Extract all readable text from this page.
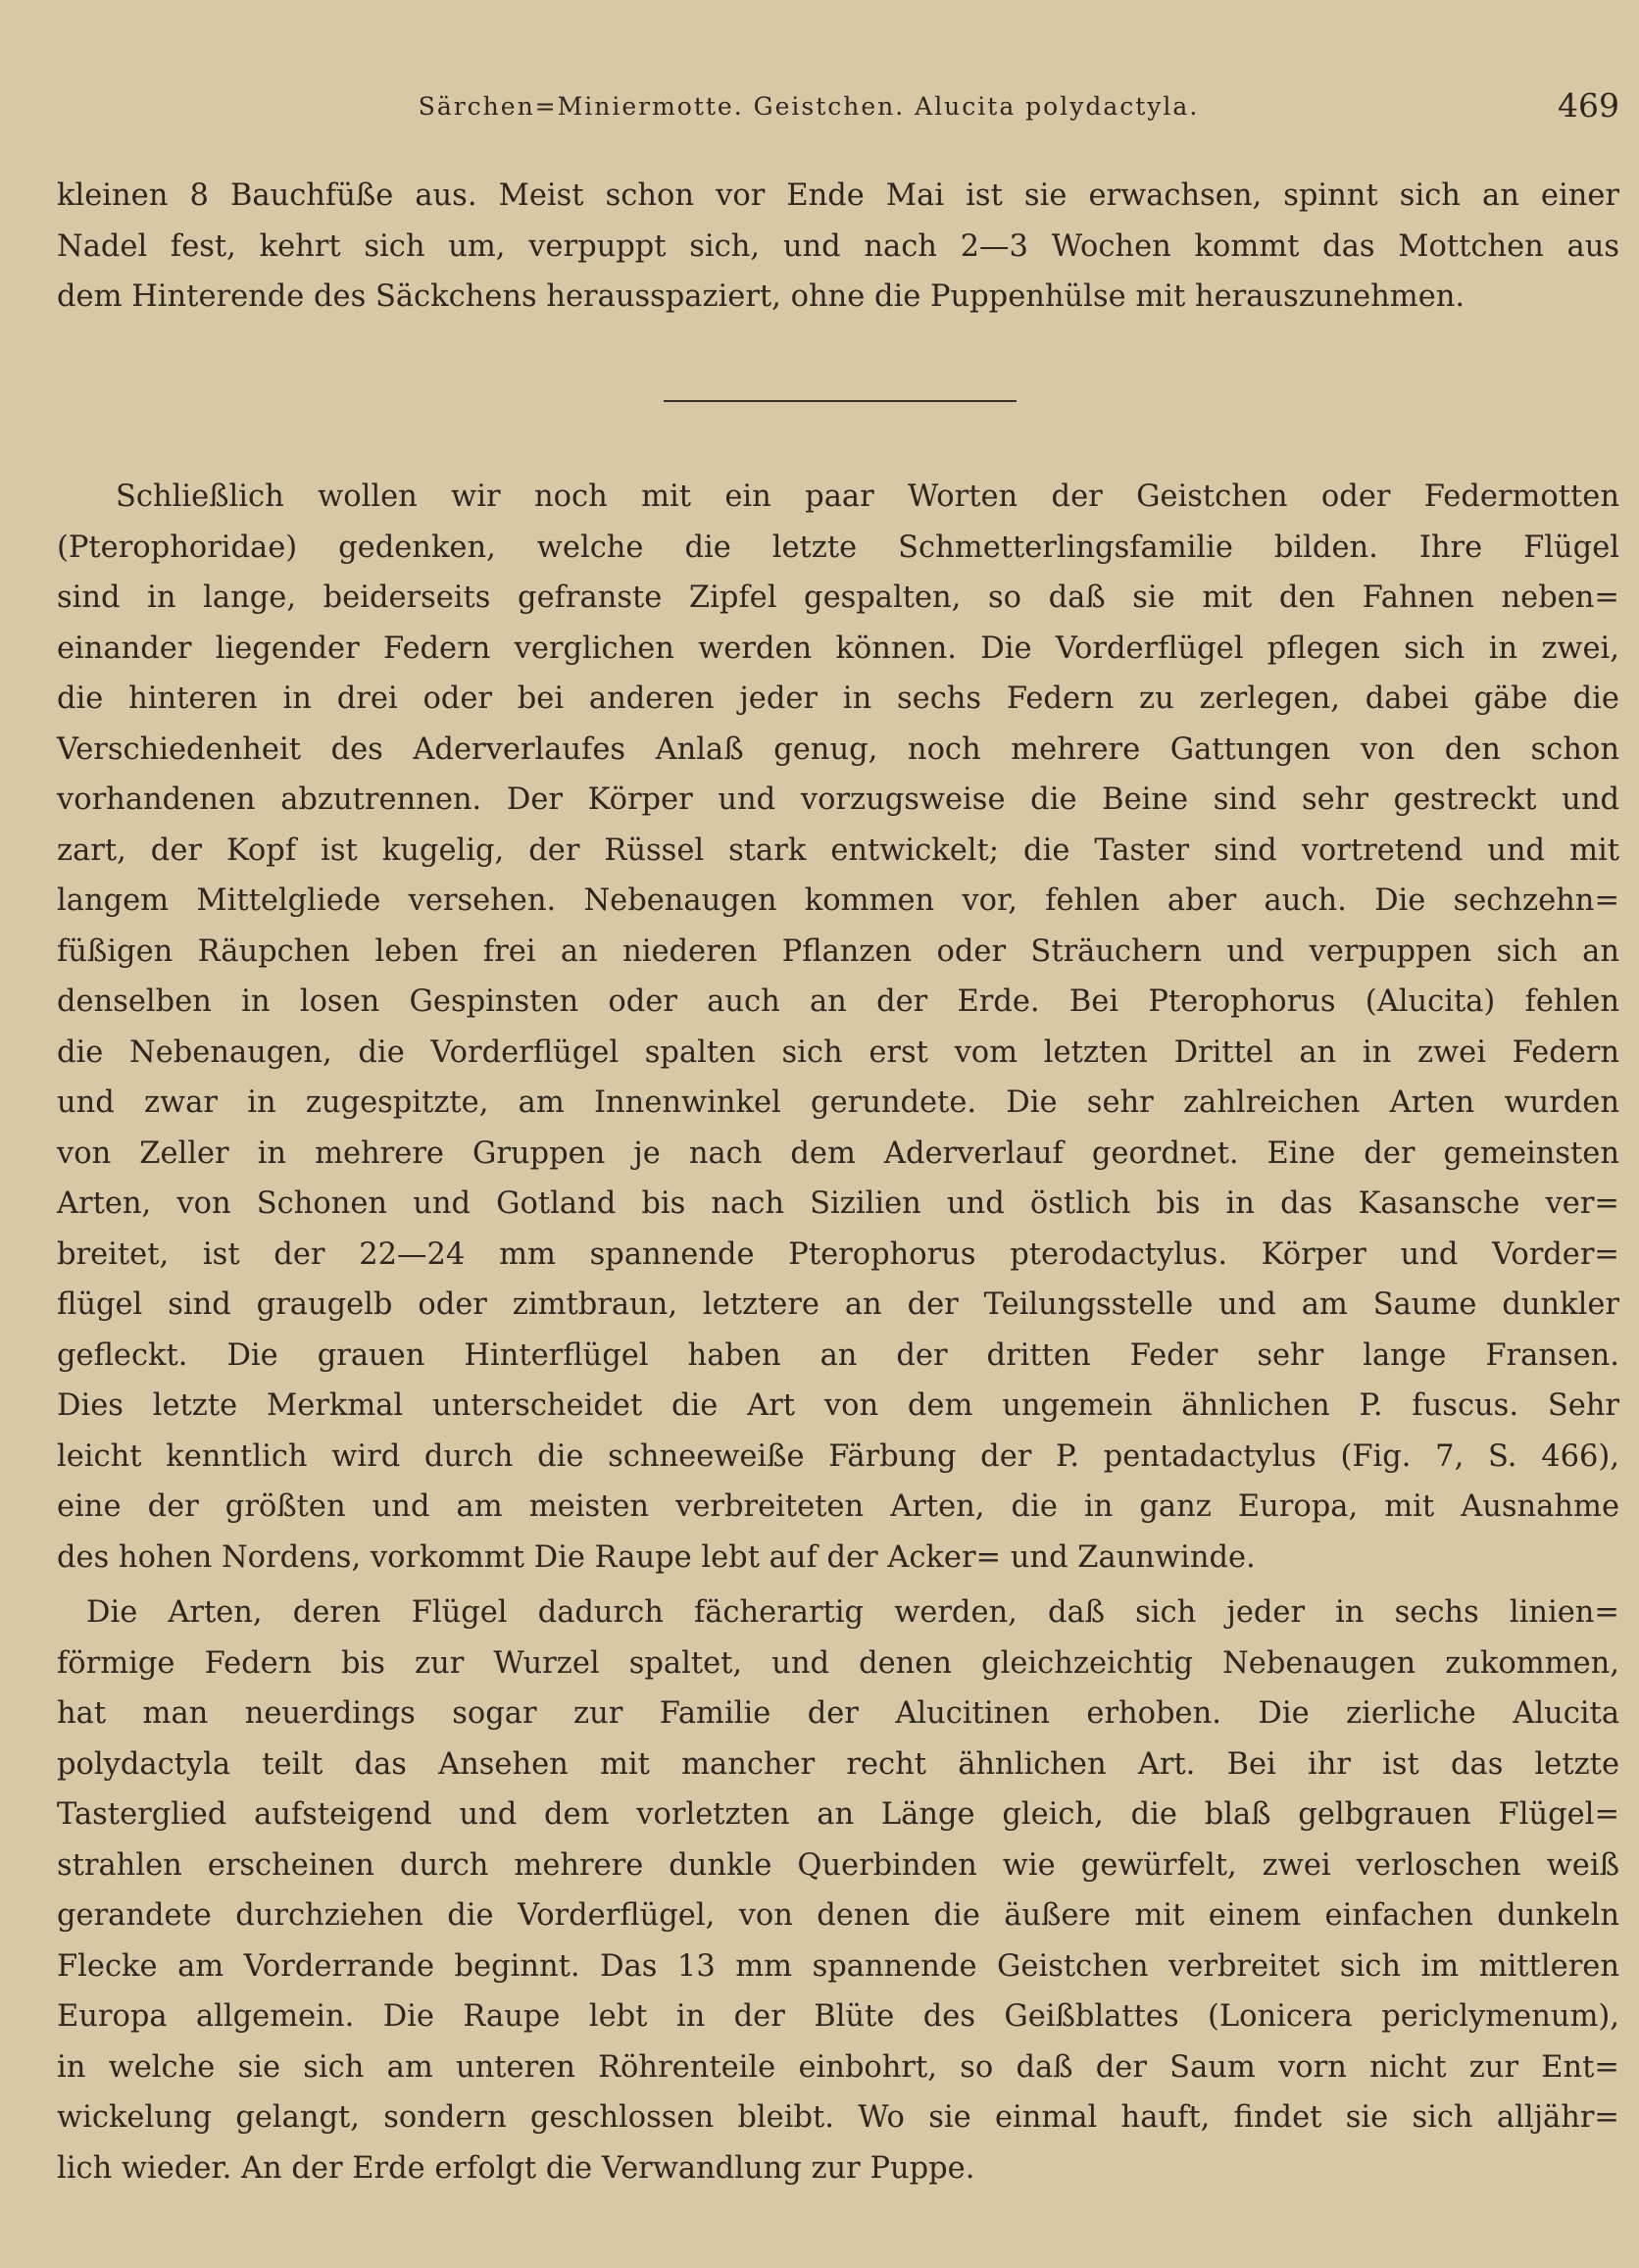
Särchen=Miniermotte. Geistchen. Alucita polydactyla.	469
kleinen 8 Bauchfüße aus. Meist schon vor Ende Mai ist sie erwachsen, spinnt sich an einer
Nadel fest, kehrt sich um, verpuppt sich, und nach 2—3 Wochen kommt das Mottchen aus
dem Hinterende des Säckchens herausspaziert, ohne die Puppenhülse mit herauszunehmen.
Schließlich wollen wir noch mit ein paar Worten der Geistchen oder Federmotten
(Pterophoridae) gedenken, welche die letzte Schmetterlingsfamilie bilden. Ihre Flügel
sind in lange, beiderseits gefranste Zipfel gespalten, so daß sie mit den Fahnen neben=
einander liegender Federn verglichen werden können. Die Vorderflügel pflegen sich in zwei,
die hinteren in drei oder bei anderen jeder in sechs Federn zu zerlegen, dabei gäbe die
Verschiedenheit des Aderverlaufes Anlaß genug, noch mehrere Gattungen von den schon
vorhandenen abzutrennen. Der Körper und vorzugsweise die Beine sind sehr gestreckt und
zart, der Kopf ist kugelig, der Rüssel stark entwickelt; die Taster sind vortretend und mit
langem Mittelgliede versehen. Nebenaugen kommen vor, fehlen aber auch. Die sechzehn=
füßigen Räupchen leben frei an niederen Pflanzen oder Sträuchern und verpuppen sich an
denselben in losen Gespinsten oder auch an der Erde. Bei Pterophorus (Alucita) fehlen
die Nebenaugen, die Vorderflügel spalten sich erst vom letzten Drittel an in zwei Federn
und zwar in zugespitzte, am Innenwinkel gerundete. Die sehr zahlreichen Arten wurden
von Zeller in mehrere Gruppen je nach dem Aderverlauf geordnet. Eine der gemeinsten
Arten, von Schonen und Gotland bis nach Sizilien und östlich bis in das Kasansche ver=
breitet, ist der 22—24 mm spannende Pterophorus pterodactylus. Körper und Vorder=
flügel sind graugelb oder zimtbraun, letztere an der Teilungsstelle und am Saume dunkler
gefleckt. Die grauen Hinterflügel haben an der dritten Feder sehr lange Fransen.
Dies letzte Merkmal unterscheidet die Art von dem ungemein ähnlichen P. fuscus. Sehr
leicht kenntlich wird durch die schneeweiße Färbung der P. pentadactylus (Fig. 7, S. 466),
eine der größten und am meisten verbreiteten Arten, die in ganz Europa, mit Ausnahme
des hohen Nordens, vorkommt Die Raupe lebt auf der Acker= und Zaunwinde.
Die Arten, deren Flügel dadurch fächerartig werden, daß sich jeder in sechs linien=
förmige Federn bis zur Wurzel spaltet, und denen gleichzeichtig Nebenaugen zukommen,
hat man neuerdings sogar zur Familie der Alucitinen erhoben. Die zierliche Alucita
polydactyla teilt das Ansehen mit mancher recht ähnlichen Art. Bei ihr ist das letzte
Tasterglied aufsteigend und dem vorletzten an Länge gleich, die blaß gelbgrauen Flügel=
strahlen erscheinen durch mehrere dunkle Querbinden wie gewürfelt, zwei verloschen weiß
gerandete durchziehen die Vorderflügel, von denen die äußere mit einem einfachen dunkeln
Flecke am Vorderrande beginnt. Das 13 mm spannende Geistchen verbreitet sich im mittleren
Europa allgemein. Die Raupe lebt in der Blüte des Geißblattes (Lonicera periclymenum),
in welche sie sich am unteren Röhrenteile einbohrt, so daß der Saum vorn nicht zur Ent=
wickelung gelangt, sondern geschlossen bleibt. Wo sie einmal hauft, findet sie sich alljähr=
lich wieder. An der Erde erfolgt die Verwandlung zur Puppe.
